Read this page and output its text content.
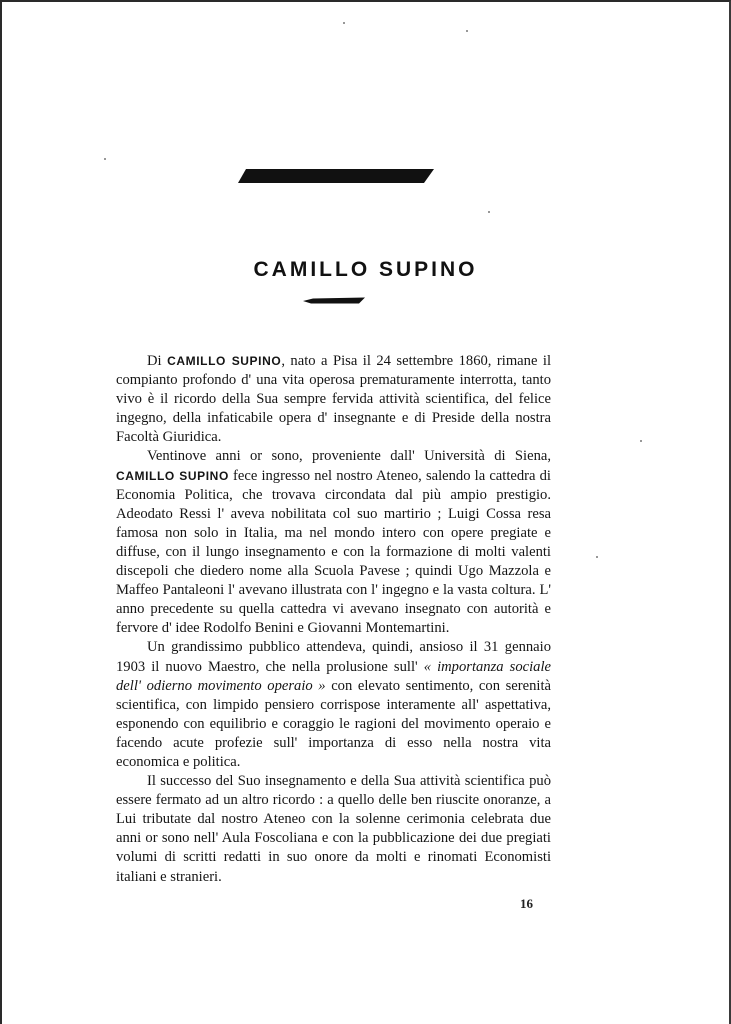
CAMILLO SUPINO

Di CAMILLO SUPINO, nato a Pisa il 24 settembre 1860, rimane il compianto profondo d' una vita operosa prematuramente interrotta, tanto vivo è il ricordo della Sua sempre fervida attività scientifica, del felice ingegno, della infaticabile opera d' insegnante e di Preside della nostra Facoltà Giuridica.

Ventinove anni or sono, proveniente dall' Università di Siena, CAMILLO SUPINO fece ingresso nel nostro Ateneo, salendo la cattedra di Economia Politica, che trovava circondata dal più ampio prestigio. Adeodato Ressi l' aveva nobilitata col suo martirio ; Luigi Cossa resa famosa non solo in Italia, ma nel mondo intero con opere pregiate e diffuse, con il lungo insegnamento e con la formazione di molti valenti discepoli che diedero nome alla Scuola Pavese ; quindi Ugo Mazzola e Maffeo Pantaleoni l' avevano illustrata con l' ingegno e la vasta coltura. L' anno precedente su quella cattedra vi avevano insegnato con autorità e fervore d' idee Rodolfo Benini e Giovanni Montemartini.

Un grandissimo pubblico attendeva, quindi, ansioso il 31 gennaio 1903 il nuovo Maestro, che nella prolusione sull' « importanza sociale dell' odierno movimento operaio » con elevato sentimento, con serenità scientifica, con limpido pensiero corrispose interamente all' aspettativa, esponendo con equilibrio e coraggio le ragioni del movimento operaio e facendo acute profezie sull' importanza di esso nella nostra vita economica e politica.

Il successo del Suo insegnamento e della Sua attività scientifica può essere fermato ad un altro ricordo : a quello delle ben riuscite onoranze, a Lui tributate dal nostro Ateneo con la solenne cerimonia celebrata due anni or sono nell' Aula Foscoliana e con la pubblicazione dei due pregiati volumi di scritti redatti in suo onore da molti e rinomati Economisti italiani e stranieri.

16
